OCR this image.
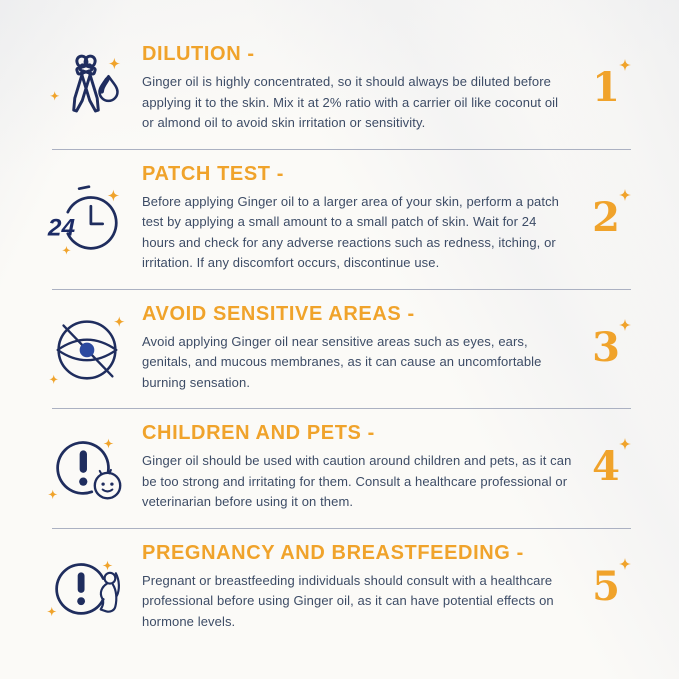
DILUTION -
Ginger oil is highly concentrated, so it should always be diluted before applying it to the skin. Mix it at 2% ratio with a carrier oil like coconut oil or almond oil to avoid skin irritation or sensitivity.
1
24
PATCH TEST -
Before applying Ginger oil to a larger area of your skin, perform a patch test by applying a small amount to a small patch of skin. Wait for 24 hours and check for any adverse reactions such as redness, itching, or irritation. If any discomfort occurs, discontinue use.
2
AVOID SENSITIVE AREAS -
Avoid applying Ginger oil near sensitive areas such as eyes, ears, genitals, and mucous membranes, as it can cause an uncomfortable burning sensation.
3
CHILDREN AND PETS -
Ginger oil should be used with caution around children and pets, as it can be too strong and irritating for them. Consult a healthcare professional or veterinarian before using it on them.
4
PREGNANCY AND BREASTFEEDING -
Pregnant or breastfeeding individuals should consult with a healthcare professional before using Ginger oil, as it can have potential effects on hormone levels.
5
